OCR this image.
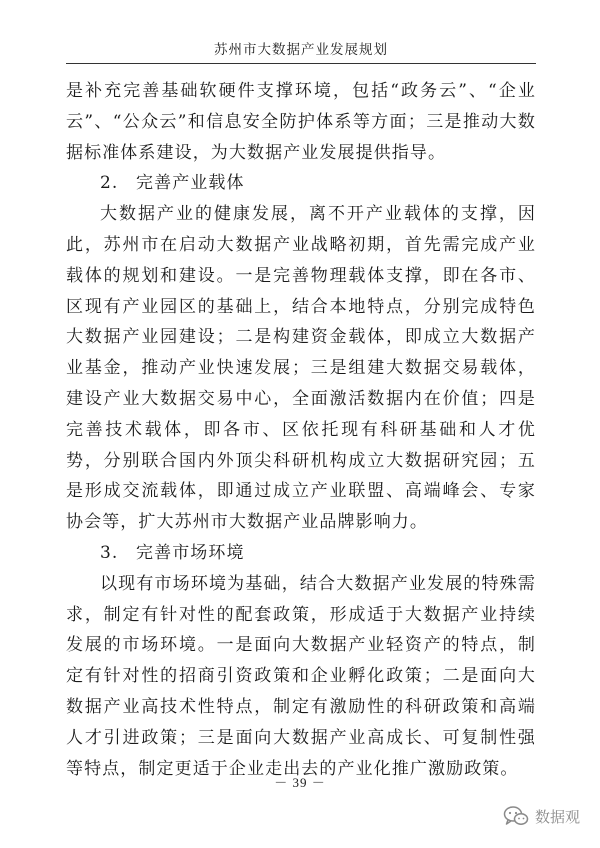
苏州市大数据产业发展规划

是补充完善基础软硬件支撑环境，包括“政务云”、“企业云”、“公众云”和信息安全防护体系等方面；三是推动大数据标准体系建设，为大数据产业发展提供指导。

2. 完善产业载体

大数据产业的健康发展，离不开产业载体的支撑，因此，苏州市在启动大数据产业战略初期，首先需完成产业载体的规划和建设。一是完善物理载体支撑，即在各市、区现有产业园区的基础上，结合本地特点，分别完成特色大数据产业园建设；二是构建资金载体，即成立大数据产业基金，推动产业快速发展；三是组建大数据交易载体，建设产业大数据交易中心，全面激活数据内在价值；四是完善技术载体，即各市、区依托现有科研基础和人才优势，分别联合国内外顶尖科研机构成立大数据研究园；五是形成交流载体，即通过成立产业联盟、高端峰会、专家协会等，扩大苏州市大数据产业品牌影响力。

3. 完善市场环境

以现有市场环境为基础，结合大数据产业发展的特殊需求，制定有针对性的配套政策，形成适于大数据产业持续发展的市场环境。一是面向大数据产业轻资产的特点，制定有针对性的招商引资政策和企业孵化政策；二是面向大数据产业高技术性特点，制定有激励性的科研政策和高端人才引进政策；三是面向大数据产业高成长、可复制性强等特点，制定更适于企业走出去的产业化推广激励政策。

－ 39 －
数据观
